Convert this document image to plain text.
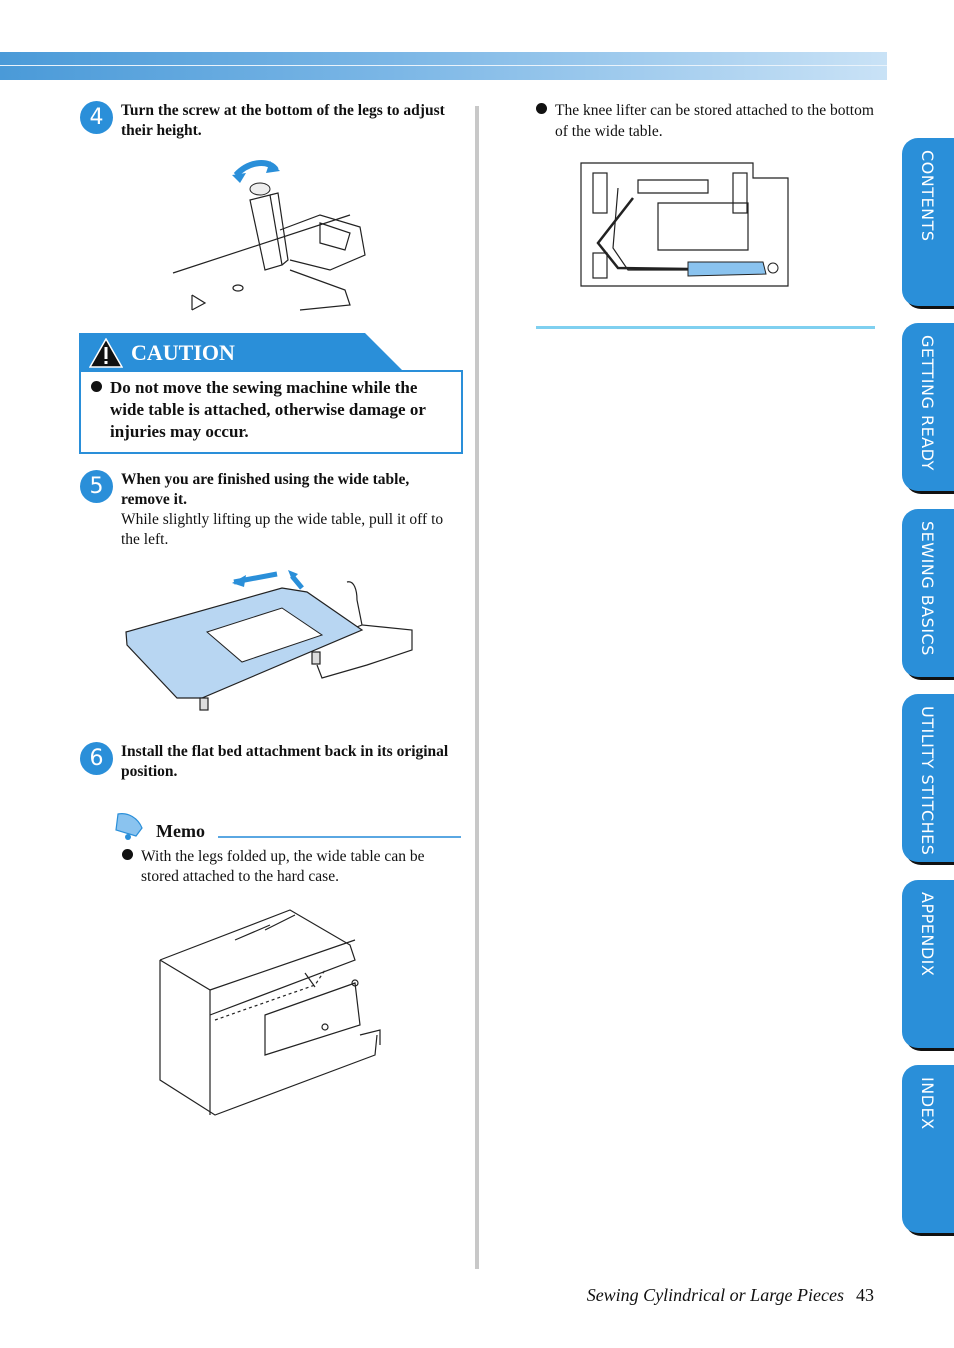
4	Turn the screw at the bottom of the legs to adjust their height.
CAUTION
Do not move the sewing machine while the wide table is attached, otherwise damage or injuries may occur.
5	When you are finished using the wide table, remove it.
While slightly lifting up the wide table, pull it off to the left.
6	Install the flat bed attachment back in its original position.
Memo
With the legs folded up, the wide table can be stored attached to the hard case.
The knee lifter can be stored attached to the bottom of the wide table.
CONTENTS
GETTING READY
SEWING BASICS
UTILITY STITCHES
APPENDIX
INDEX
Sewing Cylindrical or Large Pieces 43
